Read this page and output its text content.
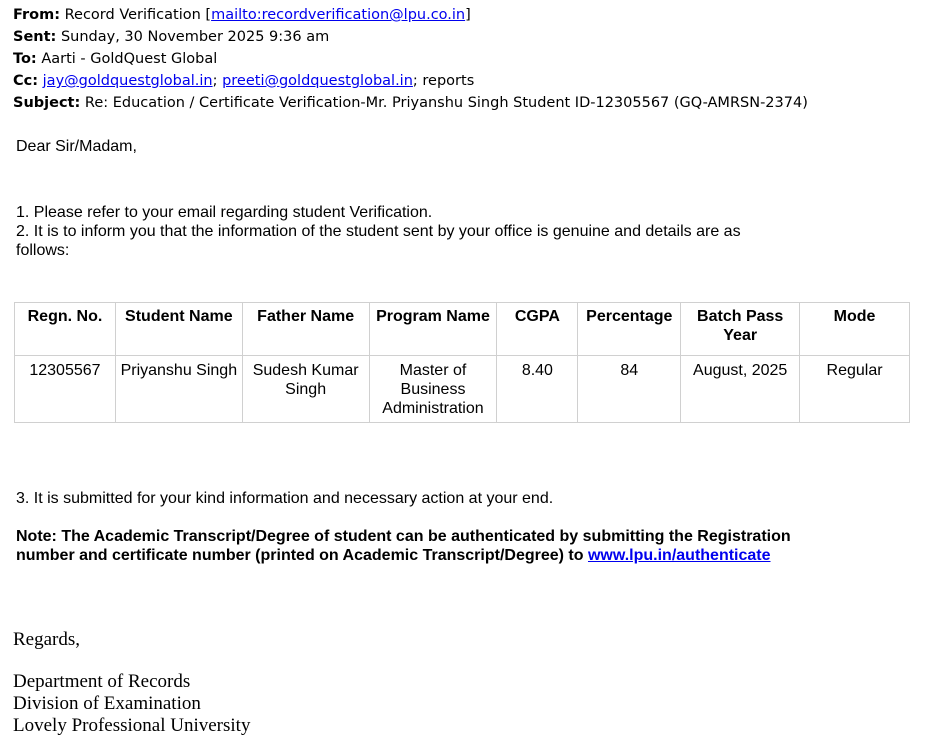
From: Record Verification [mailto:recordverification@lpu.co.in]
Sent: Sunday, 30 November 2025 9:36 am
To: Aarti - GoldQuest Global
Cc: jay@goldquestglobal.in; preeti@goldquestglobal.in; reports
Subject: Re: Education / Certificate Verification-Mr. Priyanshu Singh Student ID-12305567 (GQ-AMRSN-2374)
Dear Sir/Madam,
1. Please refer to your email regarding student Verification.
2. It is to inform you that the information of the student sent by your office is genuine and details are as
follows:
Regn. No.	Student Name	Father Name	Program Name	CGPA	Percentage	Batch Pass Year	Mode
12305567	Priyanshu Singh	Sudesh Kumar Singh	Master of Business Administration	8.40	84	August, 2025	Regular
3. It is submitted for your kind information and necessary action at your end.
Note: The Academic Transcript/Degree of student can be authenticated by submitting the Registration
number and certificate number (printed on Academic Transcript/Degree) to www.lpu.in/authenticate
Regards,
Department of Records
Division of Examination
Lovely Professional University
